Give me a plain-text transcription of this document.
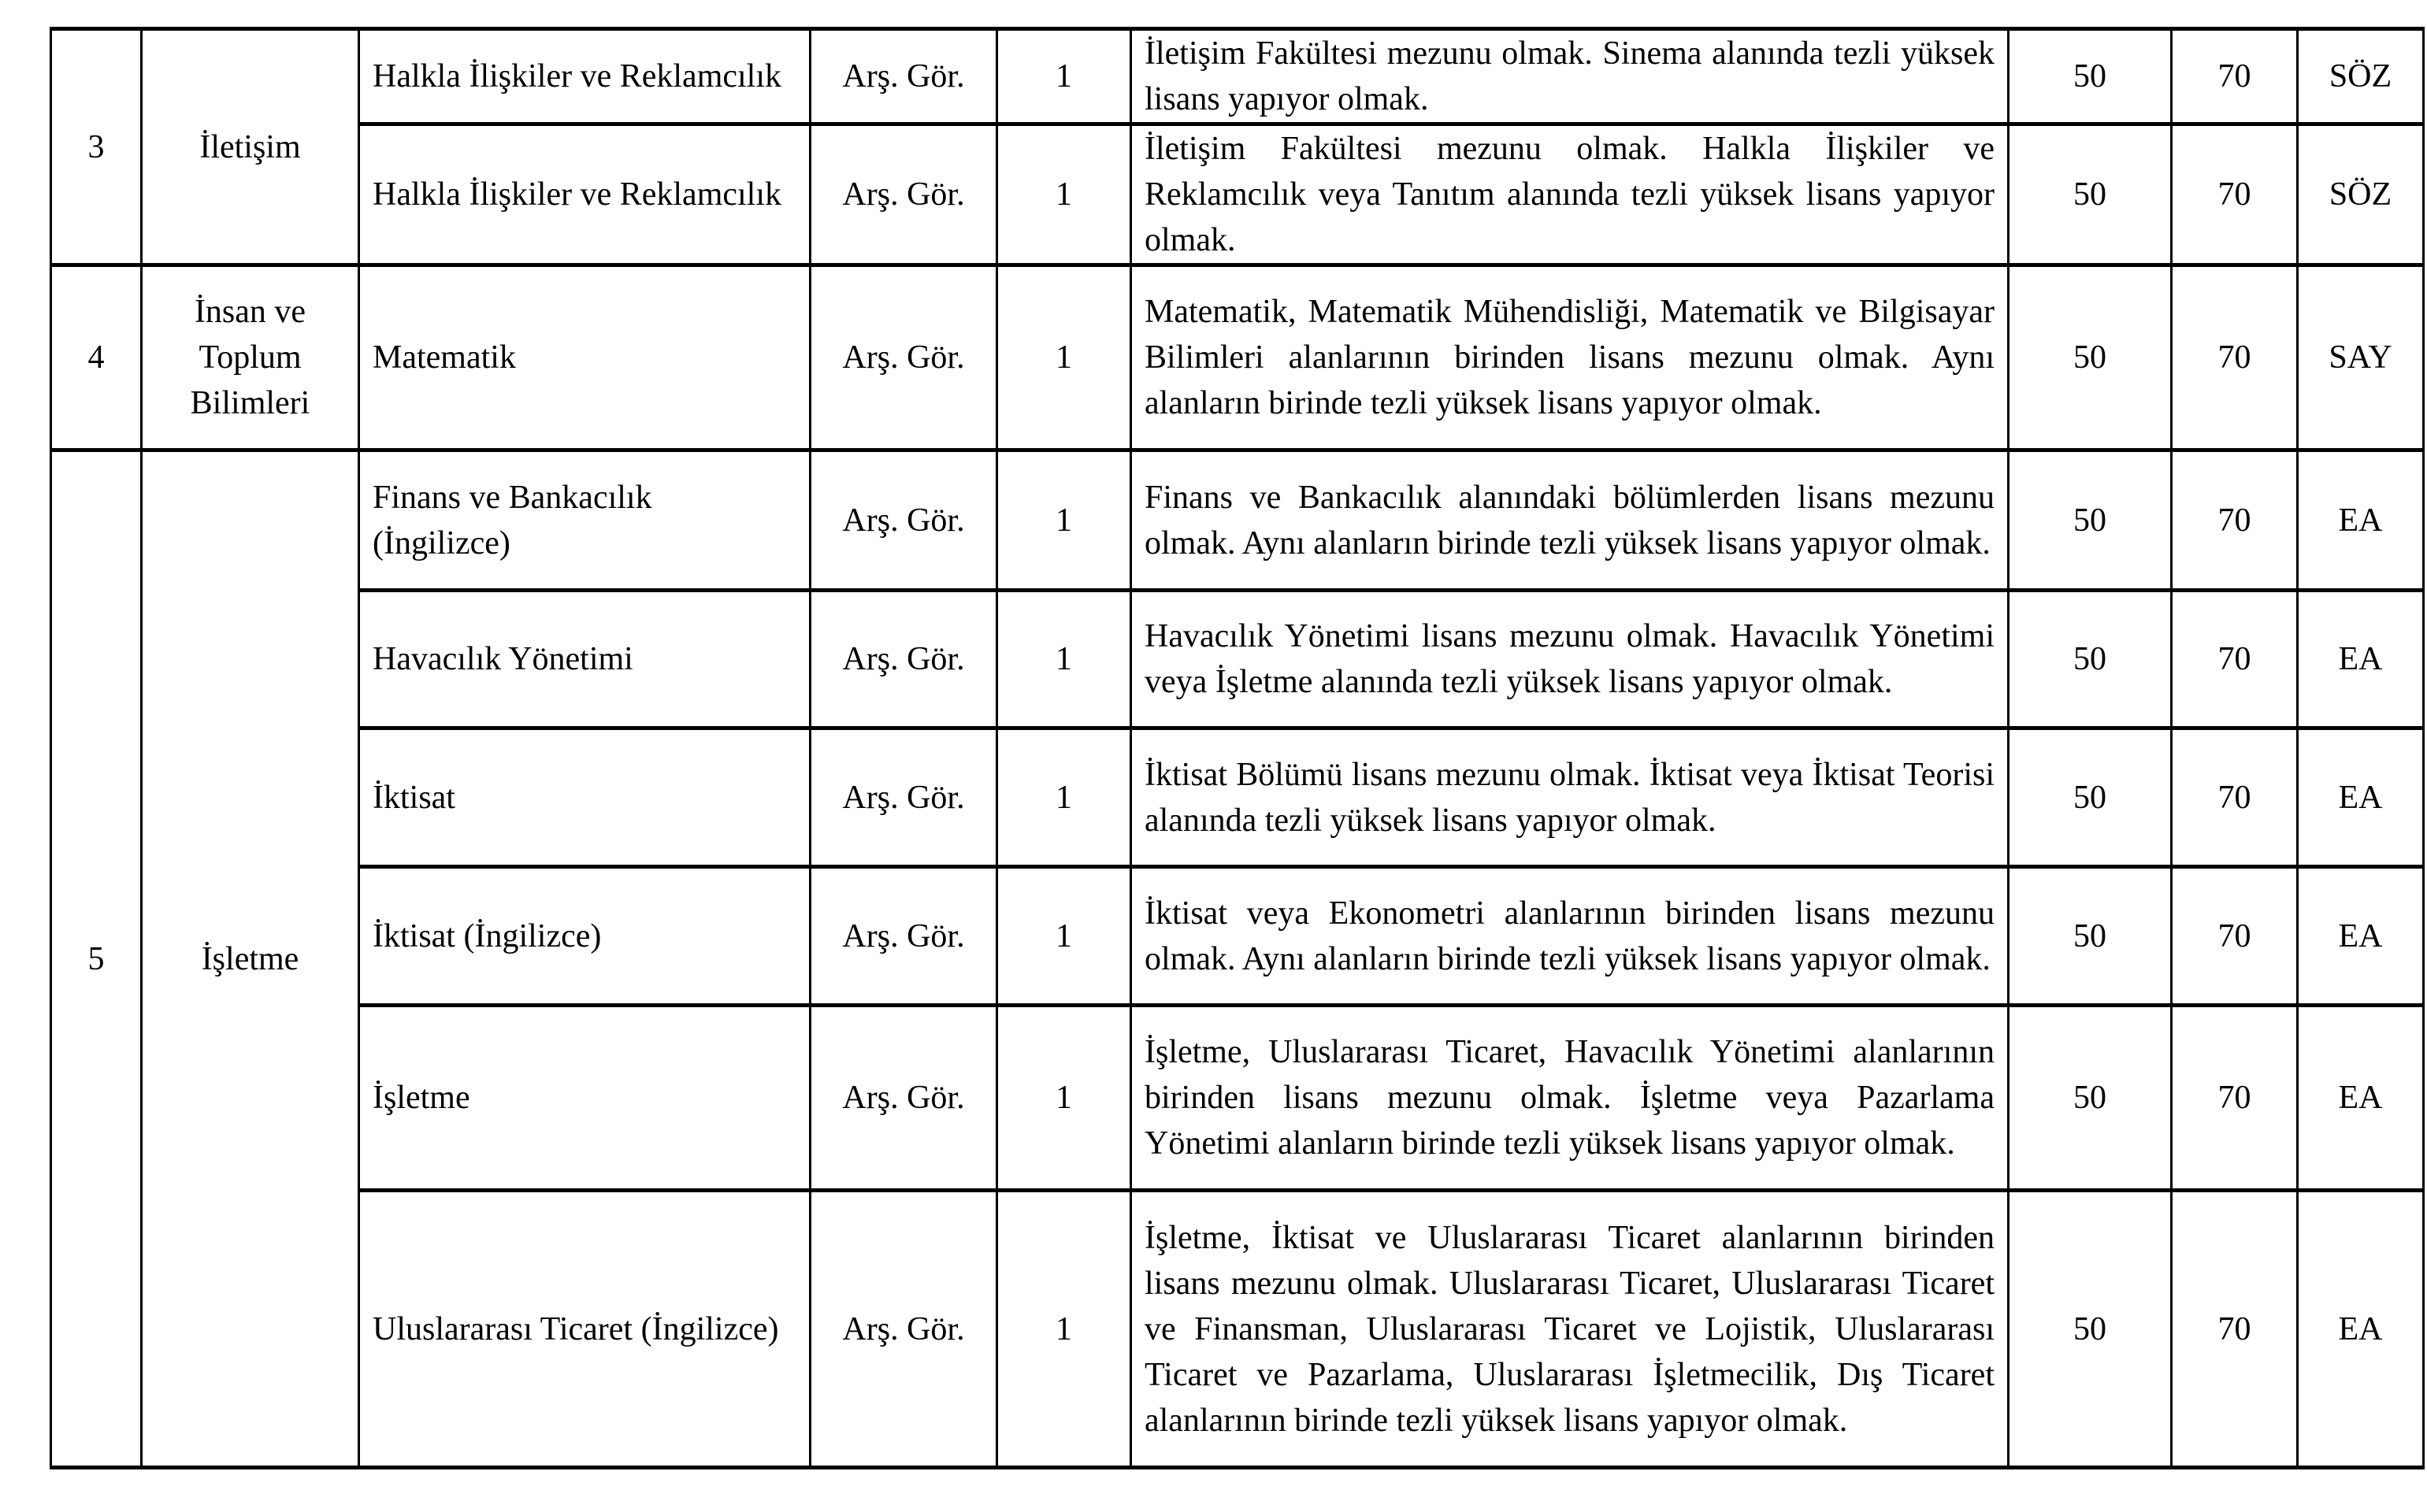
3	İletişim	Halkla İlişkiler ve Reklamcılık	Arş. Gör.	1	İletişim Fakültesi mezunu olmak. Sinema alanında tezli yüksek lisans yapıyor olmak.	50	70	SÖZ
		Halkla İlişkiler ve Reklamcılık	Arş. Gör.	1	İletişim Fakültesi mezunu olmak. Halkla İlişkiler ve Reklamcılık veya Tanıtım alanında tezli yüksek lisans yapıyor olmak.	50	70	SÖZ
4	İnsan ve Toplum Bilimleri	Matematik	Arş. Gör.	1	Matematik, Matematik Mühendisliği, Matematik ve Bilgisayar Bilimleri alanlarının birinden lisans mezunu olmak. Aynı alanların birinde tezli yüksek lisans yapıyor olmak.	50	70	SAY
5	İşletme	Finans ve Bankacılık (İngilizce)	Arş. Gör.	1	Finans ve Bankacılık alanındaki bölümlerden lisans mezunu olmak. Aynı alanların birinde tezli yüksek lisans yapıyor olmak.	50	70	EA
		Havacılık Yönetimi	Arş. Gör.	1	Havacılık Yönetimi lisans mezunu olmak. Havacılık Yönetimi veya İşletme alanında tezli yüksek lisans yapıyor olmak.	50	70	EA
		İktisat	Arş. Gör.	1	İktisat Bölümü lisans mezunu olmak. İktisat veya İktisat Teorisi alanında tezli yüksek lisans yapıyor olmak.	50	70	EA
		İktisat (İngilizce)	Arş. Gör.	1	İktisat veya Ekonometri alanlarının birinden lisans mezunu olmak. Aynı alanların birinde tezli yüksek lisans yapıyor olmak.	50	70	EA
		İşletme	Arş. Gör.	1	İşletme, Uluslararası Ticaret, Havacılık Yönetimi alanlarının birinden lisans mezunu olmak. İşletme veya Pazarlama Yönetimi alanların birinde tezli yüksek lisans yapıyor olmak.	50	70	EA
		Uluslararası Ticaret (İngilizce)	Arş. Gör.	1	İşletme, İktisat ve Uluslararası Ticaret alanlarının birinden lisans mezunu olmak. Uluslararası Ticaret, Uluslararası Ticaret ve Finansman, Uluslararası Ticaret ve Lojistik, Uluslararası Ticaret ve Pazarlama, Uluslararası İşletmecilik, Dış Ticaret alanlarının birinde tezli yüksek lisans yapıyor olmak.	50	70	EA
